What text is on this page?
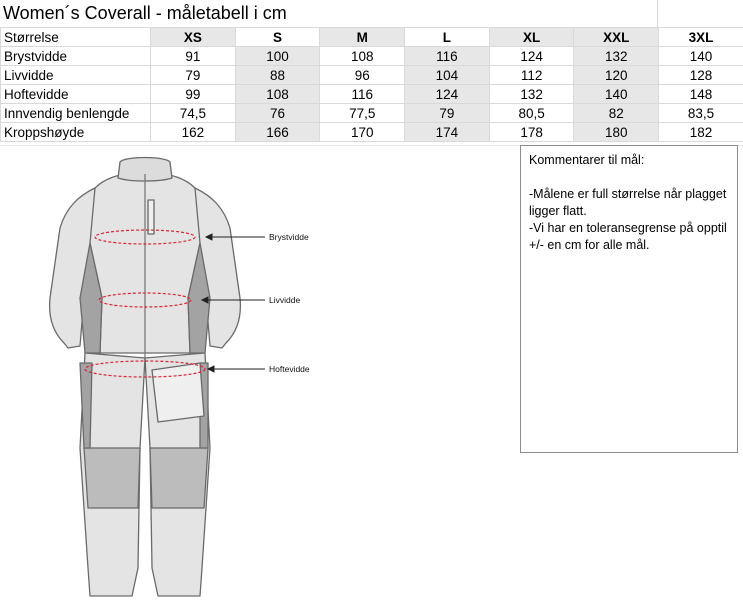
Women´s Coverall - måletabell i cm
Størrelse	XS	S	M	L	XL	XXL	3XL
Brystvidde	91	100	108	116	124	132	140
Livvidde	79	88	96	104	112	120	128
Hoftevidde	99	108	116	124	132	140	148
Innvendig benlengde	74,5	76	77,5	79	80,5	82	83,5
Kroppshøyde	162	166	170	174	178	180	182
Brystvidde
Livvidde
Hoftevidde

Kommentarer til mål:

-Målene er full størrelse når plagget ligger flatt.

-Vi har en toleransegrense på opptil +/- en cm for alle mål.
